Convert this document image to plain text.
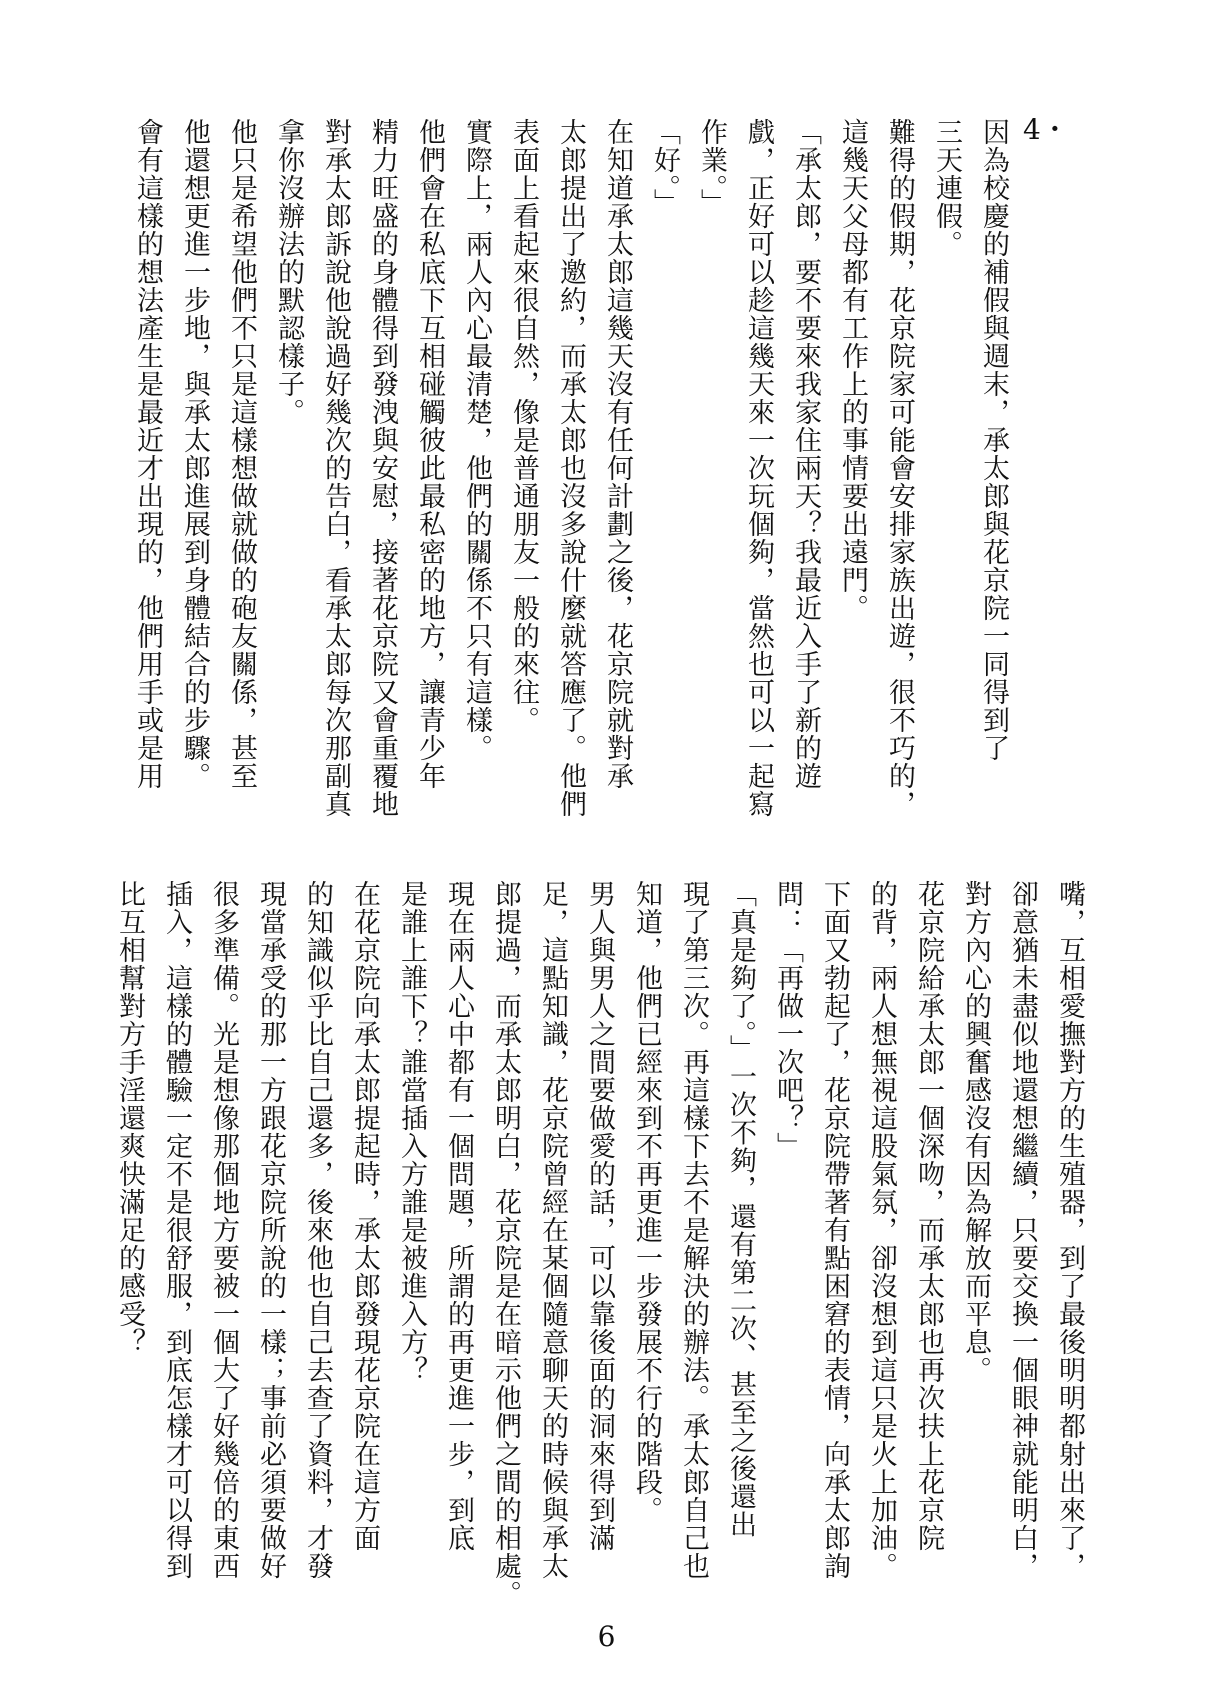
4・
因為校慶的補假與週末，承太郎與花京院一同得到了
三天連假。
難得的假期，花京院家可能會安排家族出遊，很不巧的，
這幾天父母都有工作上的事情要出遠門。
「承太郎，要不要來我家住兩天？我最近入手了新的遊
戲，正好可以趁這幾天來一次玩個夠，當然也可以一起寫
作業。」
「好。」
在知道承太郎這幾天沒有任何計劃之後，花京院就對承
太郎提出了邀約，而承太郎也沒多說什麼就答應了。他們
表面上看起來很自然，像是普通朋友一般的來往。
實際上，兩人內心最清楚，他們的關係不只有這樣。
他們會在私底下互相碰觸彼此最私密的地方，讓青少年
精力旺盛的身體得到發洩與安慰，接著花京院又會重覆地
對承太郎訴說他說過好幾次的告白，看承太郎每次那副真
拿你沒辦法的默認樣子。
他只是希望他們不只是這樣想做就做的砲友關係，甚至
他還想更進一步地，與承太郎進展到身體結合的步驟。
會有這樣的想法產生是最近才出現的，他們用手或是用
嘴，互相愛撫對方的生殖器，到了最後明明都射出來了，
卻意猶未盡似地還想繼續，只要交換一個眼神就能明白，
對方內心的興奮感沒有因為解放而平息。
花京院給承太郎一個深吻，而承太郎也再次扶上花京院
的背，兩人想無視這股氣氛，卻沒想到這只是火上加油。
下面又勃起了，花京院帶著有點困窘的表情，向承太郎詢
問：「再做一次吧？」
「真是夠了。」一次不夠，還有第二次、甚至之後還出
現了第三次。再這樣下去不是解決的辦法。承太郎自己也
知道，他們已經來到不再更進一步發展不行的階段。
男人與男人之間要做愛的話，可以靠後面的洞來得到滿
足，這點知識，花京院曾經在某個隨意聊天的時候與承太
郎提過，而承太郎明白，花京院是在暗示他們之間的相處。
現在兩人心中都有一個問題，所謂的再更進一步，到底
是誰上誰下？誰當插入方誰是被進入方？
在花京院向承太郎提起時，承太郎發現花京院在這方面
的知識似乎比自己還多，後來他也自己去查了資料，才發
現當承受的那一方跟花京院所說的一樣；事前必須要做好
很多準備。光是想像那個地方要被一個大了好幾倍的東西
插入，這樣的體驗一定不是很舒服，到底怎樣才可以得到
比互相幫對方手淫還爽快滿足的感受？
6
